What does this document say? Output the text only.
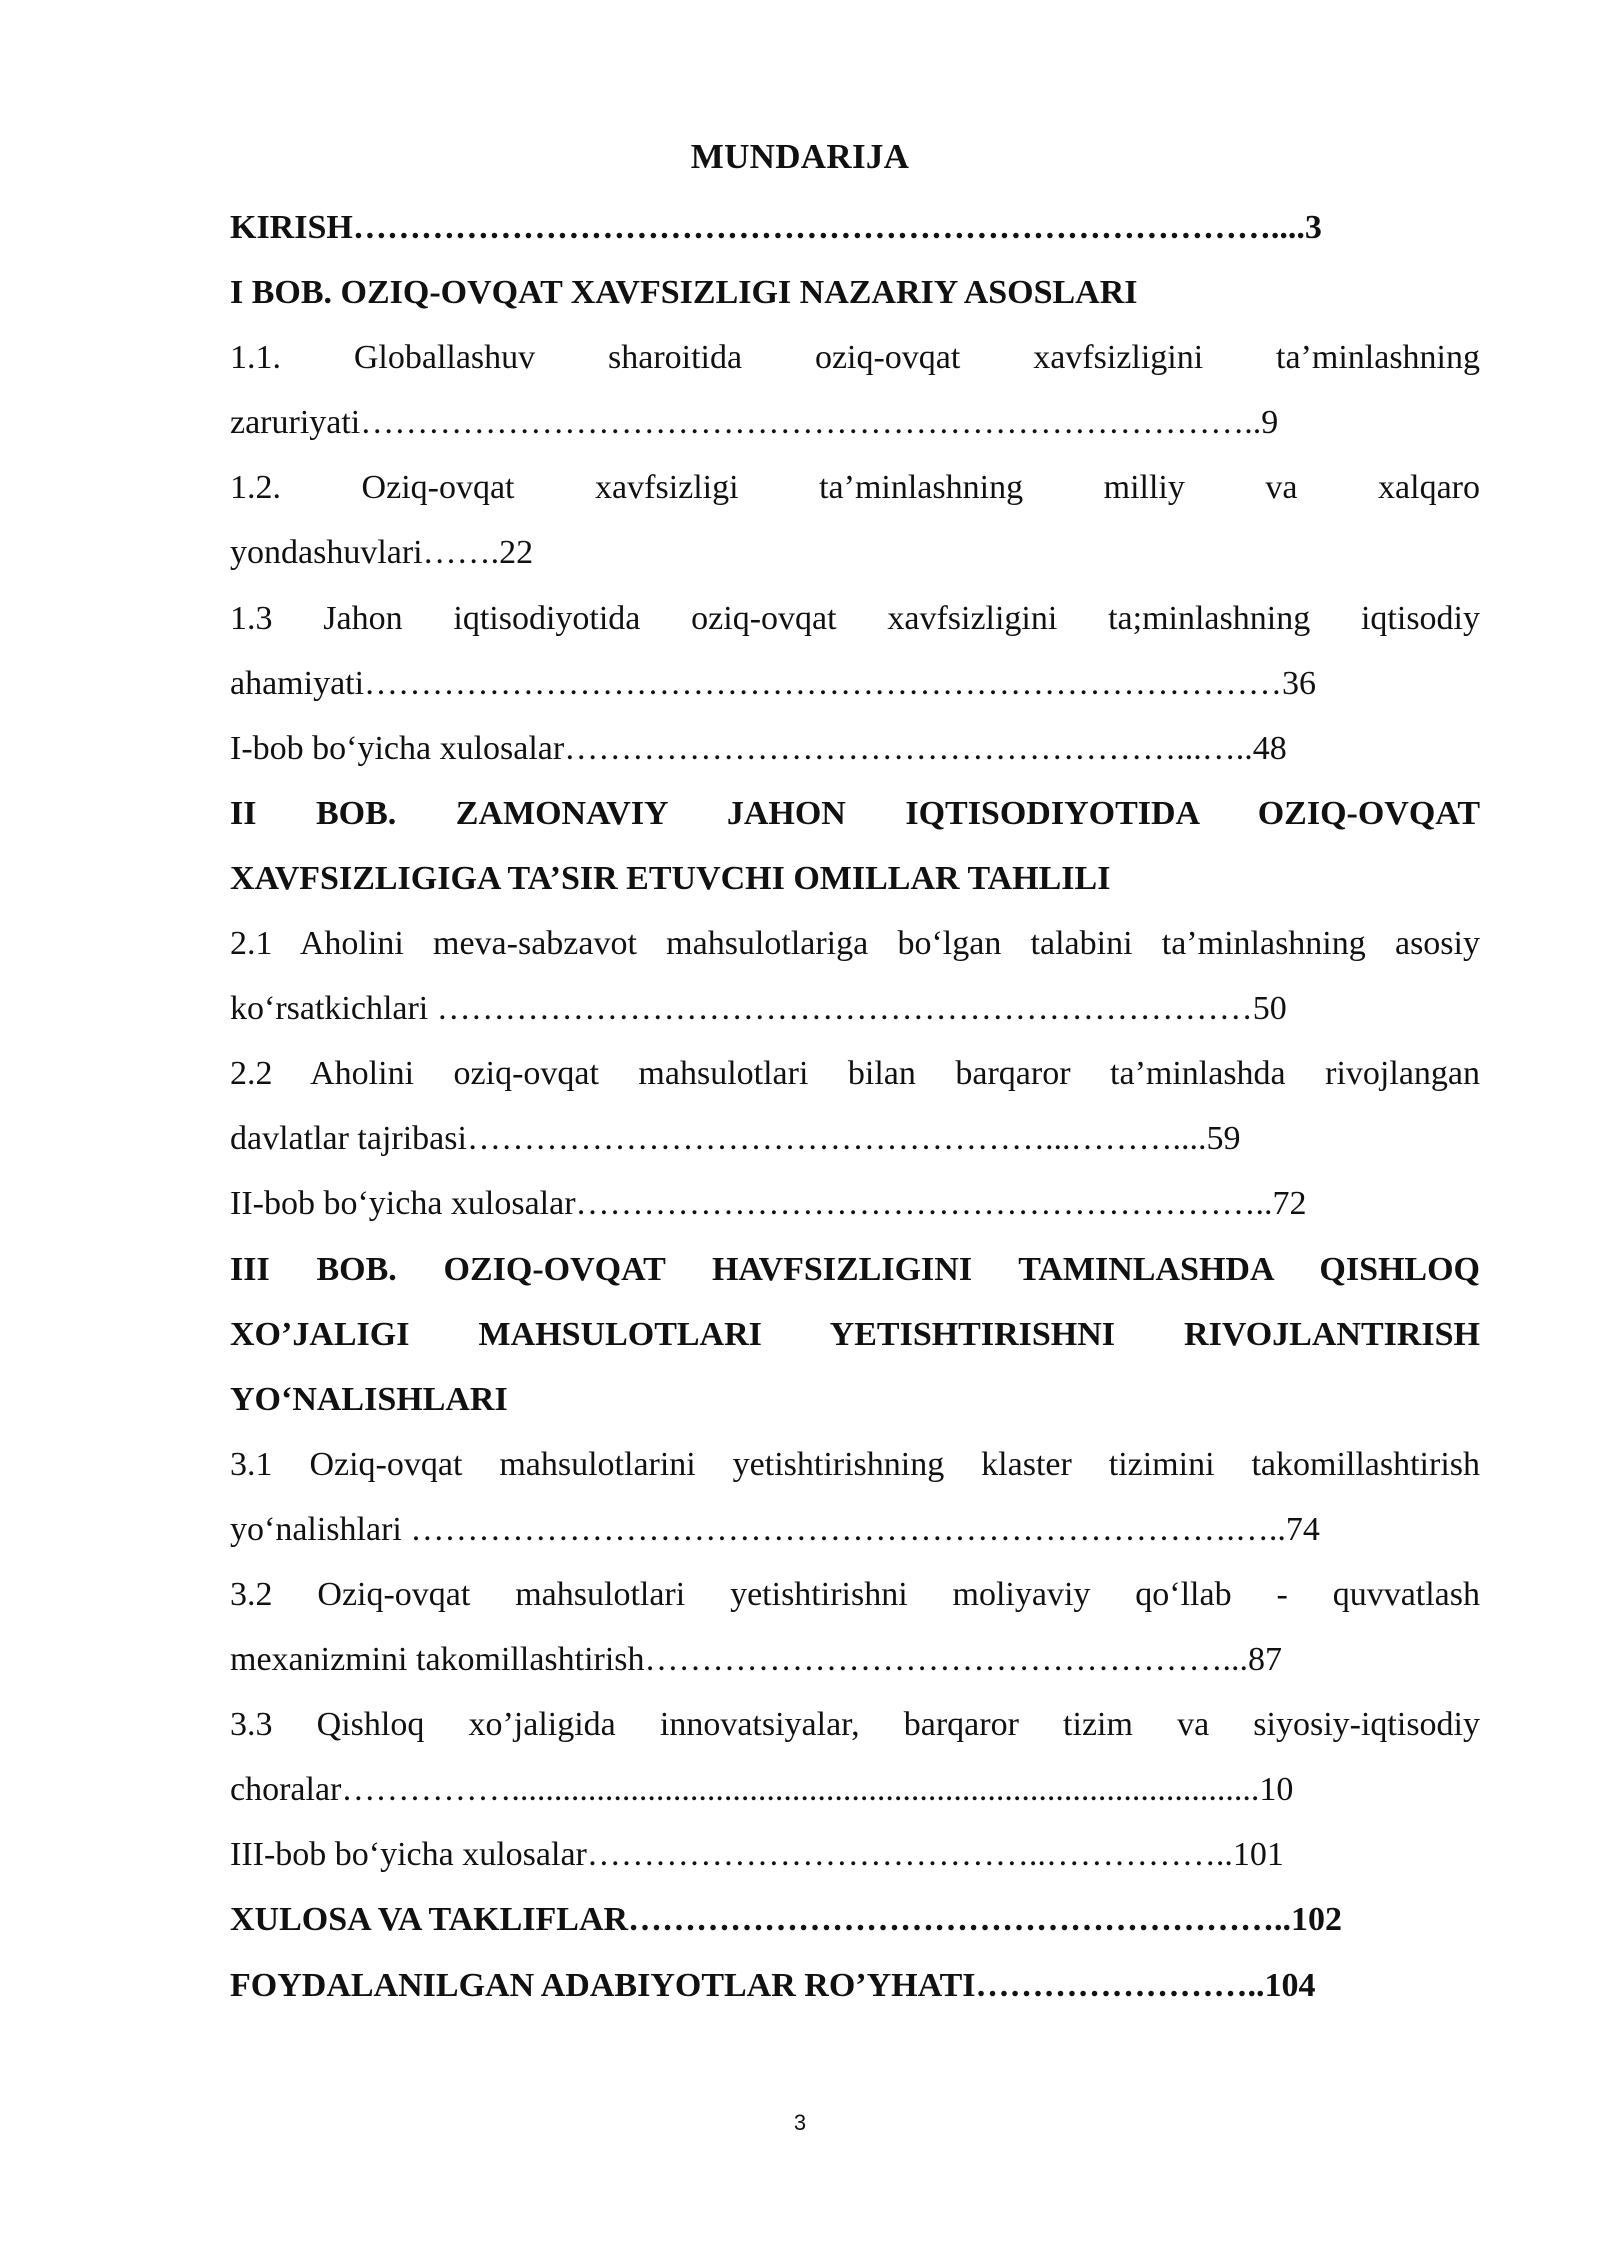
MUNDARIJA
KIRISH………………………………………………………………………....3
I BOB. OZIQ-OVQAT XAVFSIZLIGI NAZARIY ASOSLARI
1.1. Globallashuv sharoitida oziq-ovqat xavfsizligini ta’minlashning
zaruriyati……………………………………………………………………..9
1.2. Oziq-ovqat xavfsizligi ta’minlashning milliy va xalqaro
yondashuvlari…….22
1.3 Jahon iqtisodiyotida oziq-ovqat xavfsizligini ta;minlashning iqtisodiy
ahamiyati………………………………………………………………………36
I-bob bo‘yicha xulosalar………………………………………………...…..48
II BOB. ZAMONAVIY JAHON IQTISODIYOTIDA OZIQ-OVQAT
XAVFSIZLIGIGA TA’SIR ETUVCHI OMILLAR TAHLILI
2.1 Aholini meva-sabzavot mahsulotlariga bo‘lgan talabini ta’minlashning asosiy
ko‘rsatkichlari ………………………………………………………………50
2.2 Aholini oziq-ovqat mahsulotlari bilan barqaror ta’minlashda rivojlangan
davlatlar tajribasi……………………………………………...………....59
II-bob bo‘yicha xulosalar……………………………………………………..72
III BOB. OZIQ-OVQAT HAVFSIZLIGINI TAMINLASHDA QISHLOQ
XO’JALIGI MAHSULOTLARI YETISHTIRISHNI RIVOJLANTIRISH
YO‘NALISHLARI
3.1 Oziq-ovqat mahsulotlarini yetishtirishning klaster tizimini takomillashtirish
yo‘nalishlari ……………………………………………………………….…..74
3.2 Oziq-ovqat mahsulotlari yetishtirishni moliyaviy qo‘llab - quvvatlash
mexanizmini takomillashtirish……………………………………………...87
3.3 Qishloq xo’jaligida innovatsiyalar, barqaror tizim va siyosiy-iqtisodiy
choralar……………........................................................................................10
III-bob bo‘yicha xulosalar…………………………………..……………..101
XULOSA VA TAKLIFLAR…………………………………………………..102
FOYDALANILGAN ADABIYOTLAR RO’YHATI……………………..104
3
